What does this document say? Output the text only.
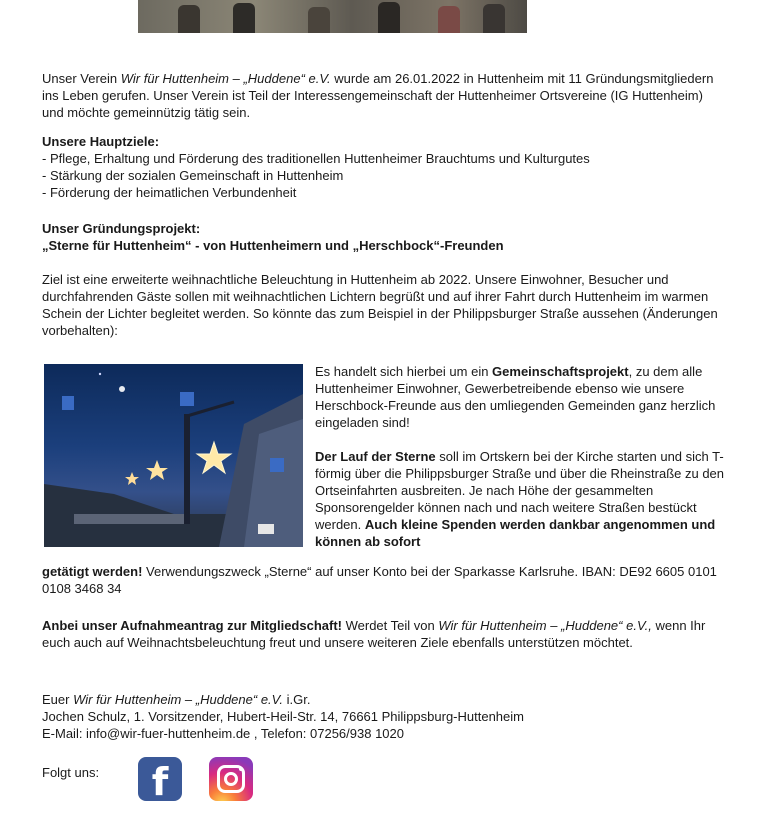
Unser Verein Wir für Huttenheim – „Huddene“ e.V. wurde am 26.01.2022 in Huttenheim mit 11 Gründungsmitgliedern ins Leben gerufen. Unser Verein ist Teil der Interessengemeinschaft der Huttenheimer Ortsvereine (IG Huttenheim) und möchte gemeinnützig tätig sein.

Unsere Hauptziele:

- Pflege, Erhaltung und Förderung des traditionellen Huttenheimer Brauchtums und Kulturgutes

- Stärkung der sozialen Gemeinschaft in Huttenheim

- Förderung der heimatlichen Verbundenheit

Unser Gründungsprojekt:

„Sterne für Huttenheim“ - von Huttenheimern und „Herschbock“-Freunden

Ziel ist eine erweiterte weihnachtliche Beleuchtung in Huttenheim ab 2022. Unsere Einwohner, Besucher und durchfahrenden Gäste sollen mit weihnachtlichen Lichtern begrüßt und auf ihrer Fahrt durch Huttenheim im warmen Schein der Lichter begleitet werden. So könnte das zum Beispiel in der Philippsburger Straße aussehen (Änderungen vorbehalten):

Es handelt sich hierbei um ein Gemeinschaftsprojekt, zu dem alle Huttenheimer Einwohner, Gewerbetreibende ebenso wie unsere Herschbock-Freunde aus den umliegenden Gemeinden ganz herzlich eingeladen sind!

Der Lauf der Sterne soll im Ortskern bei der Kirche starten und sich T-förmig über die Philippsburger Straße und über die Rheinstraße zu den Ortseinfahrten ausbreiten. Je nach Höhe der gesammelten Sponsorengelder können nach und nach weitere Straßen bestückt werden. Auch kleine Spenden werden dankbar angenommen und können ab sofort

getätigt werden! Verwendungszweck „Sterne“ auf unser Konto bei der Sparkasse Karlsruhe. IBAN: DE92 6605 0101 0108 3468 34

Anbei unser Aufnahmeantrag zur Mitgliedschaft! Werdet Teil von Wir für Huttenheim – „Huddene“ e.V., wenn Ihr euch auch auf Weihnachtsbeleuchtung freut und unsere weiteren Ziele ebenfalls unterstützen möchtet.

Euer Wir für Huttenheim – „Huddene“ e.V. i.Gr.

Jochen Schulz, 1. Vorsitzender, Hubert-Heil-Str. 14, 76661 Philippsburg-Huttenheim

E-Mail: info@wir-fuer-huttenheim.de , Telefon: 07256/938 1020

Folgt uns:	f
